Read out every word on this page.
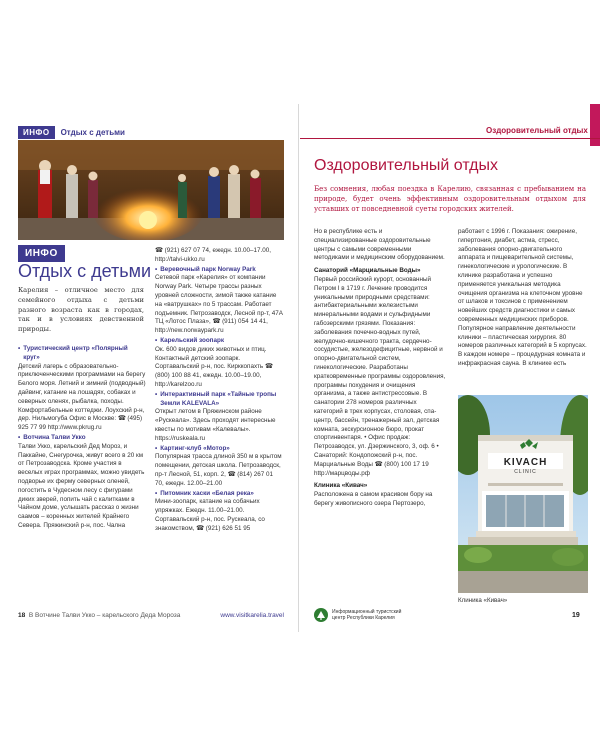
ИНФО	Отдых с детьми
ИНФО
Отдых с детьми

Карелия – отличное место для семейного отдыха с детьми разного возраста как в городах, так и в условиях девственной природы.

• Туристический центр «Полярный круг»
Детский лагерь с образовательно-приключенческими программами на берегу Белого моря. Летний и зимний (подводный) дайвинг, катание на лошадях, собаках и северных оленях, рыбалка, походы. Комфортабельные коттеджи. Лоухский р-н, дер. Нильмогуба Офис в Москве: ☎ (495) 925 77 99 http://www.pkrug.ru
• Вотчина Талви Укко
Талви Укко, карельский Дед Мороз, и Паккайне, Снегурочка, живут всего в 20 км от Петрозаводска. Кроме участия в веселых играх программах, можно увидеть подворье их ферму северных оленей, погостить в Чудесном лесу с фигурами диких зверей, попить чай с калитками в Чайном доме, услышать рассказ о жизни саамов – коренных жителей Крайнего Севера. Пряжинский р-н, пос. Чална
☎ (921) 627 07 74, ежедн. 10.00–17.00, http://talvi-ukko.ru
• Веревочный парк Norway Park
Сетевой парк «Карелия» от компании Norway Park. Четыре трассы разных уровней сложности, зимой также катание на «ватрушках» по 5 трассам. Работает подъемник. Петрозаводск, Лесной пр-т, 47А ТЦ «Лотос Плаза», ☎ (911) 054 14 41, http://new.norwaypark.ru
• Карельский зоопарк
Ок. 600 видов диких животных и птиц. Контактный детский зоопарк. Сортавальский р-н, пос. Кирккопахть ☎ (800) 100 88 41, ежедн. 10.00–19.00, http://karelzoo.ru
• Интерактивный парк «Тайные тропы Земли KALEVALA»
Открыт летом в Пряжинском районе «Рускеала». Здесь проходят интересные квесты по мотивам «Калевалы». https://ruskeala.ru
• Картинг-клуб «Мотор»
Популярная трасса длиной 350 м в крытом помещении, детская школа. Петрозаводск, пр-т Лесной, 51, корп. 2, ☎ (814) 267 01 70, ежедн. 12.00–21.00
• Питомник хаски «Белая река»
Мини-зоопарк, катание на собачьих упряжках. Ежедн. 11.00–21.00. Сортавальский р-н, пос. Рускеала, со знакомством, ☎ (921) 626 51 95
18 В Вотчине Талви Укко – карельского Деда Мороза	www.visitkarelia.travel
Оздоровительный отдых
Оздоровительный отдых

Без сомнения, любая поездка в Карелию, связанная с пребыванием на природе, будет очень эффективным оздоровительным отдыхом для уставших от повседневной суеты городских жителей.

Но в республике есть и специализированные оздоровительные центры с самыми современными методиками и медицинским оборудованием.
Санаторий «Марциальные Воды»
Первый российский курорт, основанный Петром I в 1719 г. Лечение проводится уникальными природными средствами: антибактериальными железистыми минеральными водами и сульфидными габозерскими грязями. Показания: заболевания почечно-водных путей, желудочно-кишечного тракта, сердечно-сосудистые, железодефицитные, нервной и опорно-двигательной систем, гинекологические. Разработаны кратковременные программы оздоровления, программы похудения и очищения организма, а также антистрессовые. В санатории 278 номеров различных категорий в трех корпусах, столовая, спа-центр, бассейн, тренажерный зал, детская комната, экскурсионное бюро, прокат спортинвентаря. • Офис продаж: Петрозаводск, ул. Дзержинского, 3, оф. 6 • Санаторий: Кондопожский р-н, пос. Марциальные Воды ☎ (800) 100 17 19 http://марцводы.рф
Клиника «Кивач»
Расположена в самом красивом бору на берегу живописного озера Пертозеро,
работает с 1996 г. Показания: ожирение, гипертония, диабет, астма, стресс, заболевания опорно-двигательного аппарата и пищеварительной системы, гинекологические и урологические. В клинике разработана и успешно применяется уникальная методика очищения организма на клеточном уровне от шлаков и токсинов с применением новейших средств диагностики и самых современных медицинских приборов. Популярное направление деятельности клиники – пластическая хирургия. 80 номеров различных категорий в 5 корпусах. В каждом номере – процедурная комната и инфракрасная сауна. В клинике есть
KIVACH
CLINIC
Клиника «Кивач»
Информационный туристский центр Республики Карелия	19
